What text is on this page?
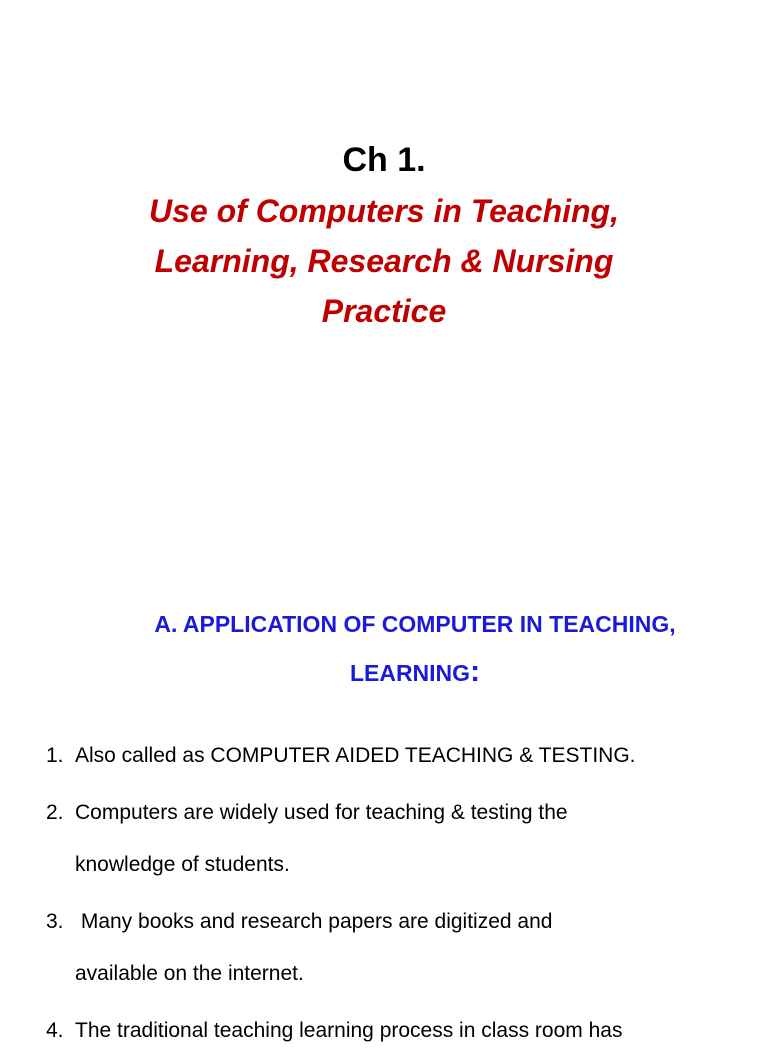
Ch 1.
Use of Computers in Teaching,
Learning, Research & Nursing
Practice
A. APPLICATION OF COMPUTER IN TEACHING,
LEARNING:
1. Also called as COMPUTER AIDED TEACHING & TESTING.
2. Computers are widely used for teaching & testing the
knowledge of students.
3. Many books and research papers are digitized and
available on the internet.
4. The traditional teaching learning process in class room has
